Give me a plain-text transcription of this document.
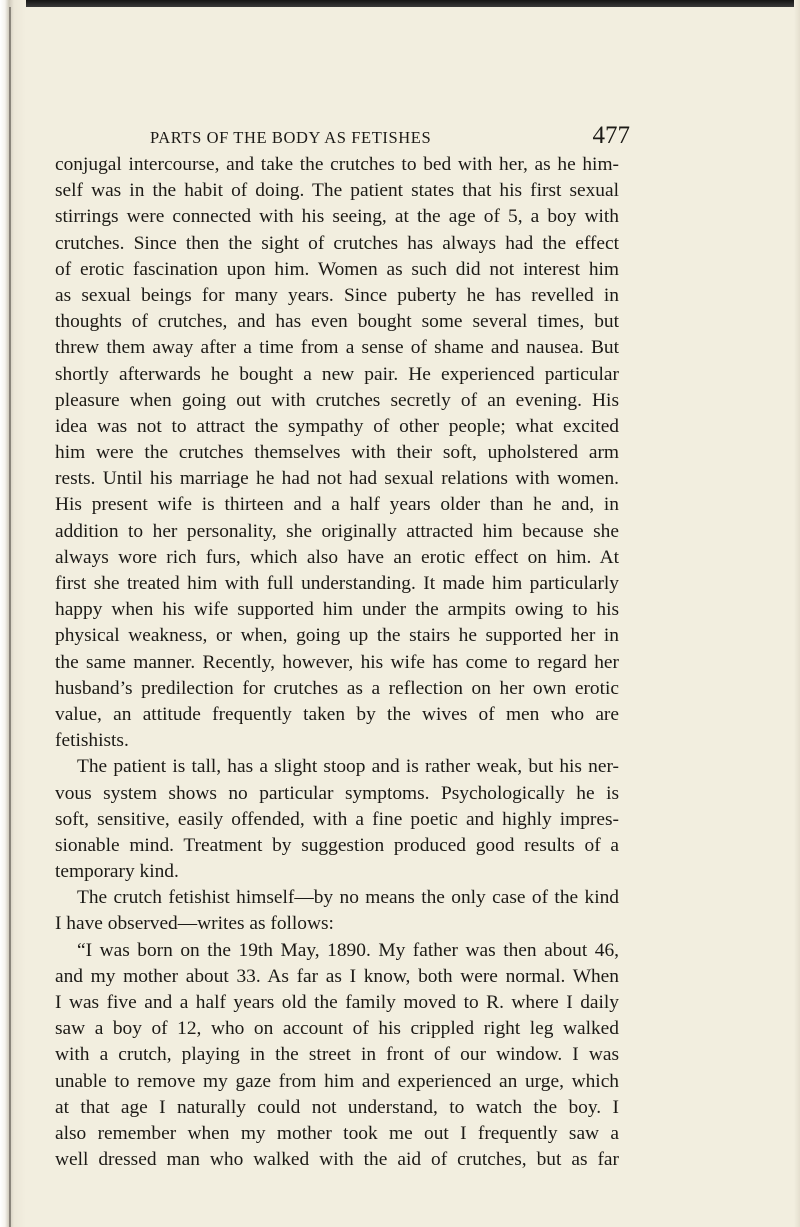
PARTS OF THE BODY AS FETISHES	477
conjugal intercourse, and take the crutches to bed with her, as he him-
self was in the habit of doing. The patient states that his first sexual
stirrings were connected with his seeing, at the age of 5, a boy with
crutches. Since then the sight of crutches has always had the effect
of erotic fascination upon him. Women as such did not interest him
as sexual beings for many years. Since puberty he has revelled in
thoughts of crutches, and has even bought some several times, but
threw them away after a time from a sense of shame and nausea. But
shortly afterwards he bought a new pair. He experienced particular
pleasure when going out with crutches secretly of an evening. His
idea was not to attract the sympathy of other people; what excited
him were the crutches themselves with their soft, upholstered arm
rests. Until his marriage he had not had sexual relations with women.
His present wife is thirteen and a half years older than he and, in
addition to her personality, she originally attracted him because she
always wore rich furs, which also have an erotic effect on him. At
first she treated him with full understanding. It made him particularly
happy when his wife supported him under the armpits owing to his
physical weakness, or when, going up the stairs he supported her in
the same manner. Recently, however, his wife has come to regard her
husband’s predilection for crutches as a reflection on her own erotic
value, an attitude frequently taken by the wives of men who are
fetishists.
The patient is tall, has a slight stoop and is rather weak, but his ner-
vous system shows no particular symptoms. Psychologically he is
soft, sensitive, easily offended, with a fine poetic and highly impres-
sionable mind. Treatment by suggestion produced good results of a
temporary kind.
The crutch fetishist himself—by no means the only case of the kind
I have observed—writes as follows:
“I was born on the 19th May, 1890. My father was then about 46,
and my mother about 33. As far as I know, both were normal. When
I was five and a half years old the family moved to R. where I daily
saw a boy of 12, who on account of his crippled right leg walked
with a crutch, playing in the street in front of our window. I was
unable to remove my gaze from him and experienced an urge, which
at that age I naturally could not understand, to watch the boy. I
also remember when my mother took me out I frequently saw a
well dressed man who walked with the aid of crutches, but as far
